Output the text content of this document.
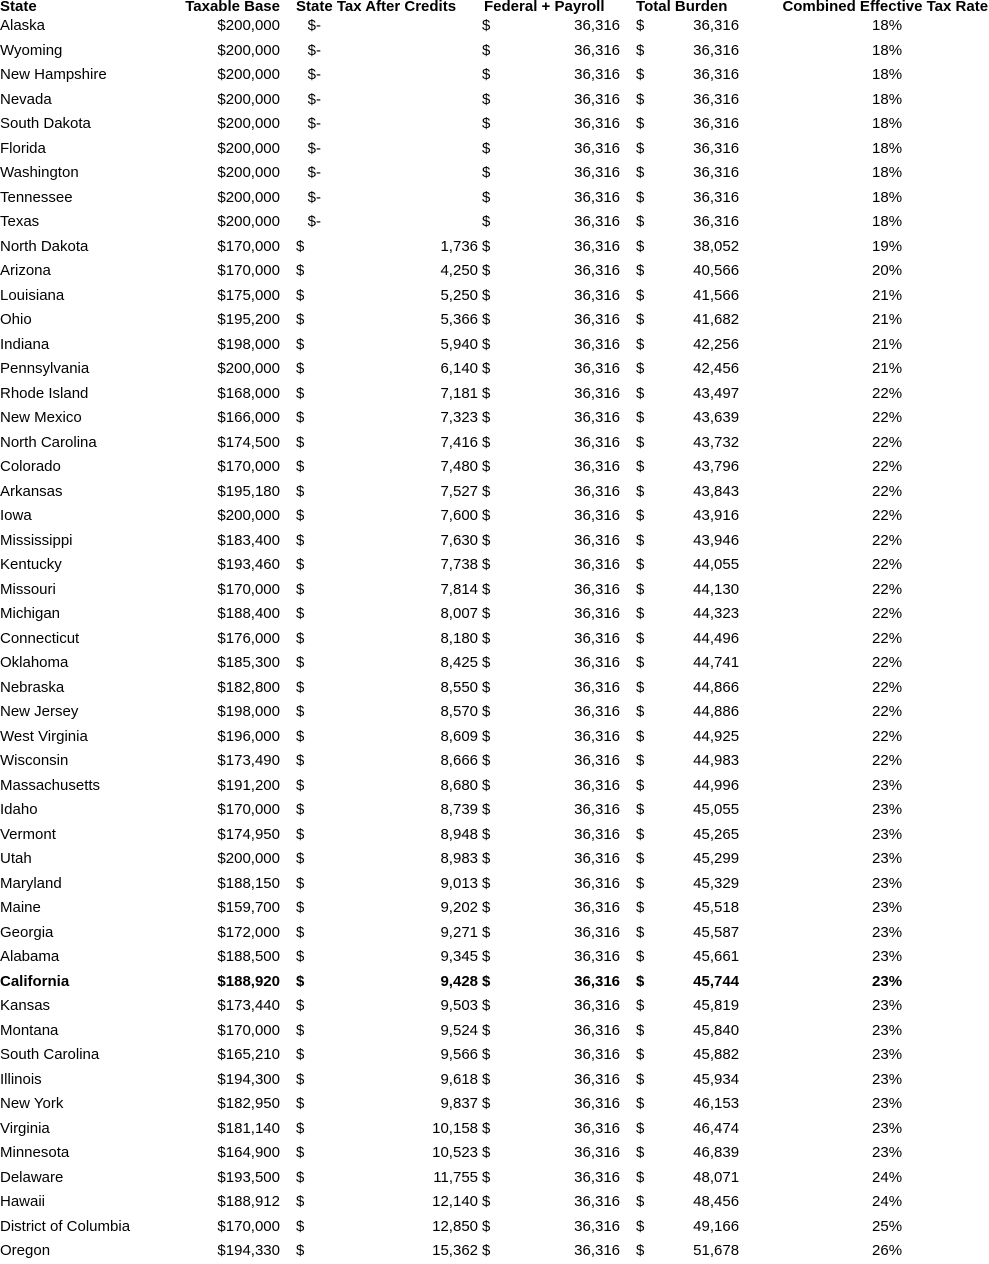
State	Taxable Base		State Tax After Credits		Federal + Payroll			Total Burden		Combined Effective Tax Rate
Alaska	$200,000		$	-	$	36,316		$	36,316	18%
Wyoming	$200,000		$	-	$	36,316		$	36,316	18%
New Hampshire	$200,000		$	-	$	36,316		$	36,316	18%
Nevada	$200,000		$	-	$	36,316		$	36,316	18%
South Dakota	$200,000		$	-	$	36,316		$	36,316	18%
Florida	$200,000		$	-	$	36,316		$	36,316	18%
Washington	$200,000		$	-	$	36,316		$	36,316	18%
Tennessee	$200,000		$	-	$	36,316		$	36,316	18%
Texas	$200,000		$	-	$	36,316		$	36,316	18%
North Dakota	$170,000		$	1,736	$	36,316		$	38,052	19%
Arizona	$170,000		$	4,250	$	36,316		$	40,566	20%
Louisiana	$175,000		$	5,250	$	36,316		$	41,566	21%
Ohio	$195,200		$	5,366	$	36,316		$	41,682	21%
Indiana	$198,000		$	5,940	$	36,316		$	42,256	21%
Pennsylvania	$200,000		$	6,140	$	36,316		$	42,456	21%
Rhode Island	$168,000		$	7,181	$	36,316		$	43,497	22%
New Mexico	$166,000		$	7,323	$	36,316		$	43,639	22%
North Carolina	$174,500		$	7,416	$	36,316		$	43,732	22%
Colorado	$170,000		$	7,480	$	36,316		$	43,796	22%
Arkansas	$195,180		$	7,527	$	36,316		$	43,843	22%
Iowa	$200,000		$	7,600	$	36,316		$	43,916	22%
Mississippi	$183,400		$	7,630	$	36,316		$	43,946	22%
Kentucky	$193,460		$	7,738	$	36,316		$	44,055	22%
Missouri	$170,000		$	7,814	$	36,316		$	44,130	22%
Michigan	$188,400		$	8,007	$	36,316		$	44,323	22%
Connecticut	$176,000		$	8,180	$	36,316		$	44,496	22%
Oklahoma	$185,300		$	8,425	$	36,316		$	44,741	22%
Nebraska	$182,800		$	8,550	$	36,316		$	44,866	22%
New Jersey	$198,000		$	8,570	$	36,316		$	44,886	22%
West Virginia	$196,000		$	8,609	$	36,316		$	44,925	22%
Wisconsin	$173,490		$	8,666	$	36,316		$	44,983	22%
Massachusetts	$191,200		$	8,680	$	36,316		$	44,996	23%
Idaho	$170,000		$	8,739	$	36,316		$	45,055	23%
Vermont	$174,950		$	8,948	$	36,316		$	45,265	23%
Utah	$200,000		$	8,983	$	36,316		$	45,299	23%
Maryland	$188,150		$	9,013	$	36,316		$	45,329	23%
Maine	$159,700		$	9,202	$	36,316		$	45,518	23%
Georgia	$172,000		$	9,271	$	36,316		$	45,587	23%
Alabama	$188,500		$	9,345	$	36,316		$	45,661	23%
California	$188,920		$	9,428	$	36,316		$	45,744	23%
Kansas	$173,440		$	9,503	$	36,316		$	45,819	23%
Montana	$170,000		$	9,524	$	36,316		$	45,840	23%
South Carolina	$165,210		$	9,566	$	36,316		$	45,882	23%
Illinois	$194,300		$	9,618	$	36,316		$	45,934	23%
New York	$182,950		$	9,837	$	36,316		$	46,153	23%
Virginia	$181,140		$	10,158	$	36,316		$	46,474	23%
Minnesota	$164,900		$	10,523	$	36,316		$	46,839	23%
Delaware	$193,500		$	11,755	$	36,316		$	48,071	24%
Hawaii	$188,912		$	12,140	$	36,316		$	48,456	24%
District of Columbia	$170,000		$	12,850	$	36,316		$	49,166	25%
Oregon	$194,330		$	15,362	$	36,316		$	51,678	26%
